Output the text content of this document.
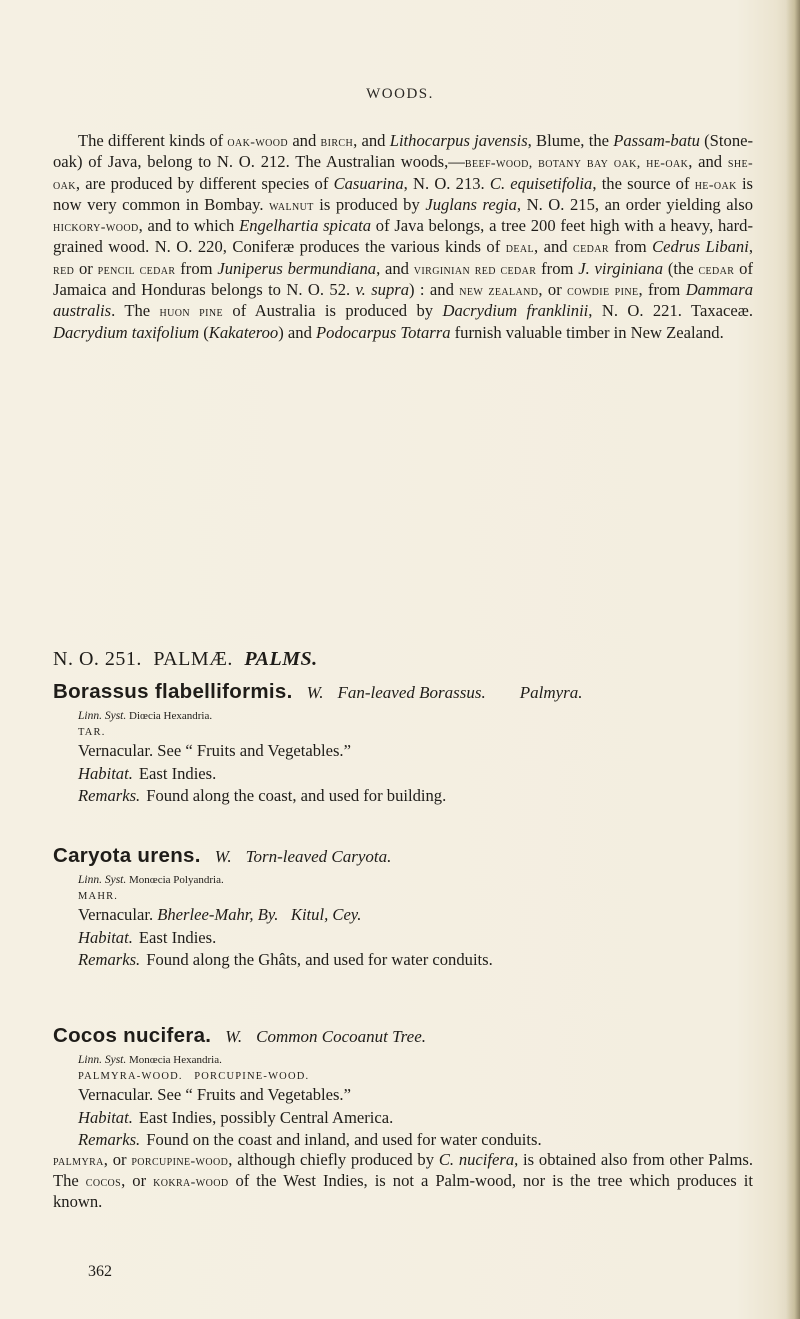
WOODS.

The different kinds of oak-wood and birch, and Lithocarpus javensis, Blume, the Passam-batu (Stone-oak) of Java, belong to N. O. 212. The Australian woods,—beef-wood, botany bay oak, he-oak, and she-oak, are produced by different species of Casuarina, N. O. 213. C. equisetifolia, the source of he-oak is now very common in Bombay. walnut is produced by Juglans regia, N. O. 215, an order yielding also hickory-wood, and to which Engelhartia spicata of Java belongs, a tree 200 feet high with a heavy, hard-grained wood. N. O. 220, Coniferæ produces the various kinds of deal, and cedar from Cedrus Libani, red or pencil cedar from Juniperus bermundiana, and virginian red cedar from J. virginiana (the cedar of Jamaica and Honduras belongs to N. O. 52. v. supra) : and new zealand, or cowdie pine, from Dammara australis. The huon pine of Australia is produced by Dacrydium franklinii, N. O. 221. Taxaceæ. Dacrydium taxifolium (Kakateroo) and Podocarpus Totarra furnish valuable timber in New Zealand.

N. O. 251. PALMÆ. PALMS.
Borassus flabelliformis. W. Fan-leaved Borassus. Palmyra.
Linn. Syst. Diœcia Hexandria.
TAR.
Vernacular. See “ Fruits and Vegetables.”
Habitat. East Indies.
Remarks. Found along the coast, and used for building.
Caryota urens. W. Torn-leaved Caryota.
Linn. Syst. Monœcia Polyandria.
MAHR.
Vernacular. Bherlee-Mahr, By.   Kitul, Cey.
Habitat. East Indies.
Remarks. Found along the Ghâts, and used for water conduits.
Cocos nucifera. W. Common Cocoanut Tree.
Linn. Syst. Monœcia Hexandria.
PALMYRA-WOOD.   PORCUPINE-WOOD.
Vernacular. See “ Fruits and Vegetables.”
Habitat. East Indies, possibly Central America.
Remarks. Found on the coast and inland, and used for water conduits.

palmyra, or porcupine-wood, although chiefly produced by C. nucifera, is obtained also from other Palms. The cocos, or kokra-wood of the West Indies, is not a Palm-wood, nor is the tree which produces it known.

362
